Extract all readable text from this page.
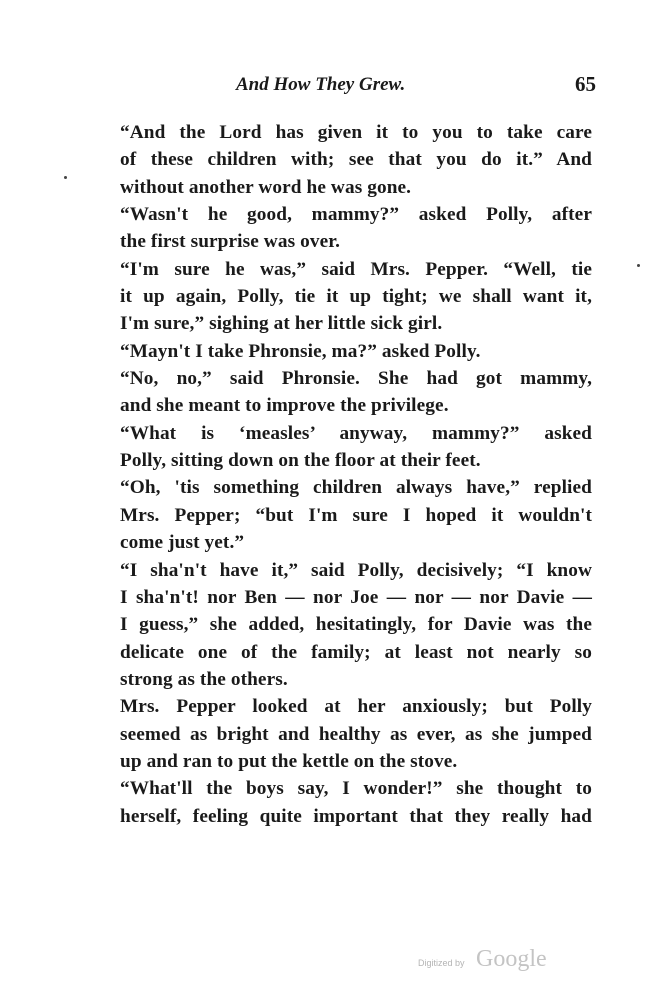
And How They Grew.	65
“And the Lord has given it to you to take care
of these children with; see that you do it.” And
without another word he was gone.
“Wasn't he good, mammy?” asked Polly, after
the first surprise was over.
“I'm sure he was,” said Mrs. Pepper. “Well, tie
it up again, Polly, tie it up tight; we shall want it,
I'm sure,” sighing at her little sick girl.
“Mayn't I take Phronsie, ma?” asked Polly.
“No, no,” said Phronsie. She had got mammy,
and she meant to improve the privilege.
“What is ‘measles’ anyway, mammy?” asked
Polly, sitting down on the floor at their feet.
“Oh, 'tis something children always have,” replied
Mrs. Pepper; “but I'm sure I hoped it wouldn't
come just yet.”
“I sha'n't have it,” said Polly, decisively; “I know
I sha'n't! nor Ben — nor Joe — nor — nor Davie —
I guess,” she added, hesitatingly, for Davie was the
delicate one of the family; at least not nearly so
strong as the others.
Mrs. Pepper looked at her anxiously; but Polly
seemed as bright and healthy as ever, as she jumped
up and ran to put the kettle on the stove.
“What'll the boys say, I wonder!” she thought to
herself, feeling quite important that they really had
Digitized by Google
